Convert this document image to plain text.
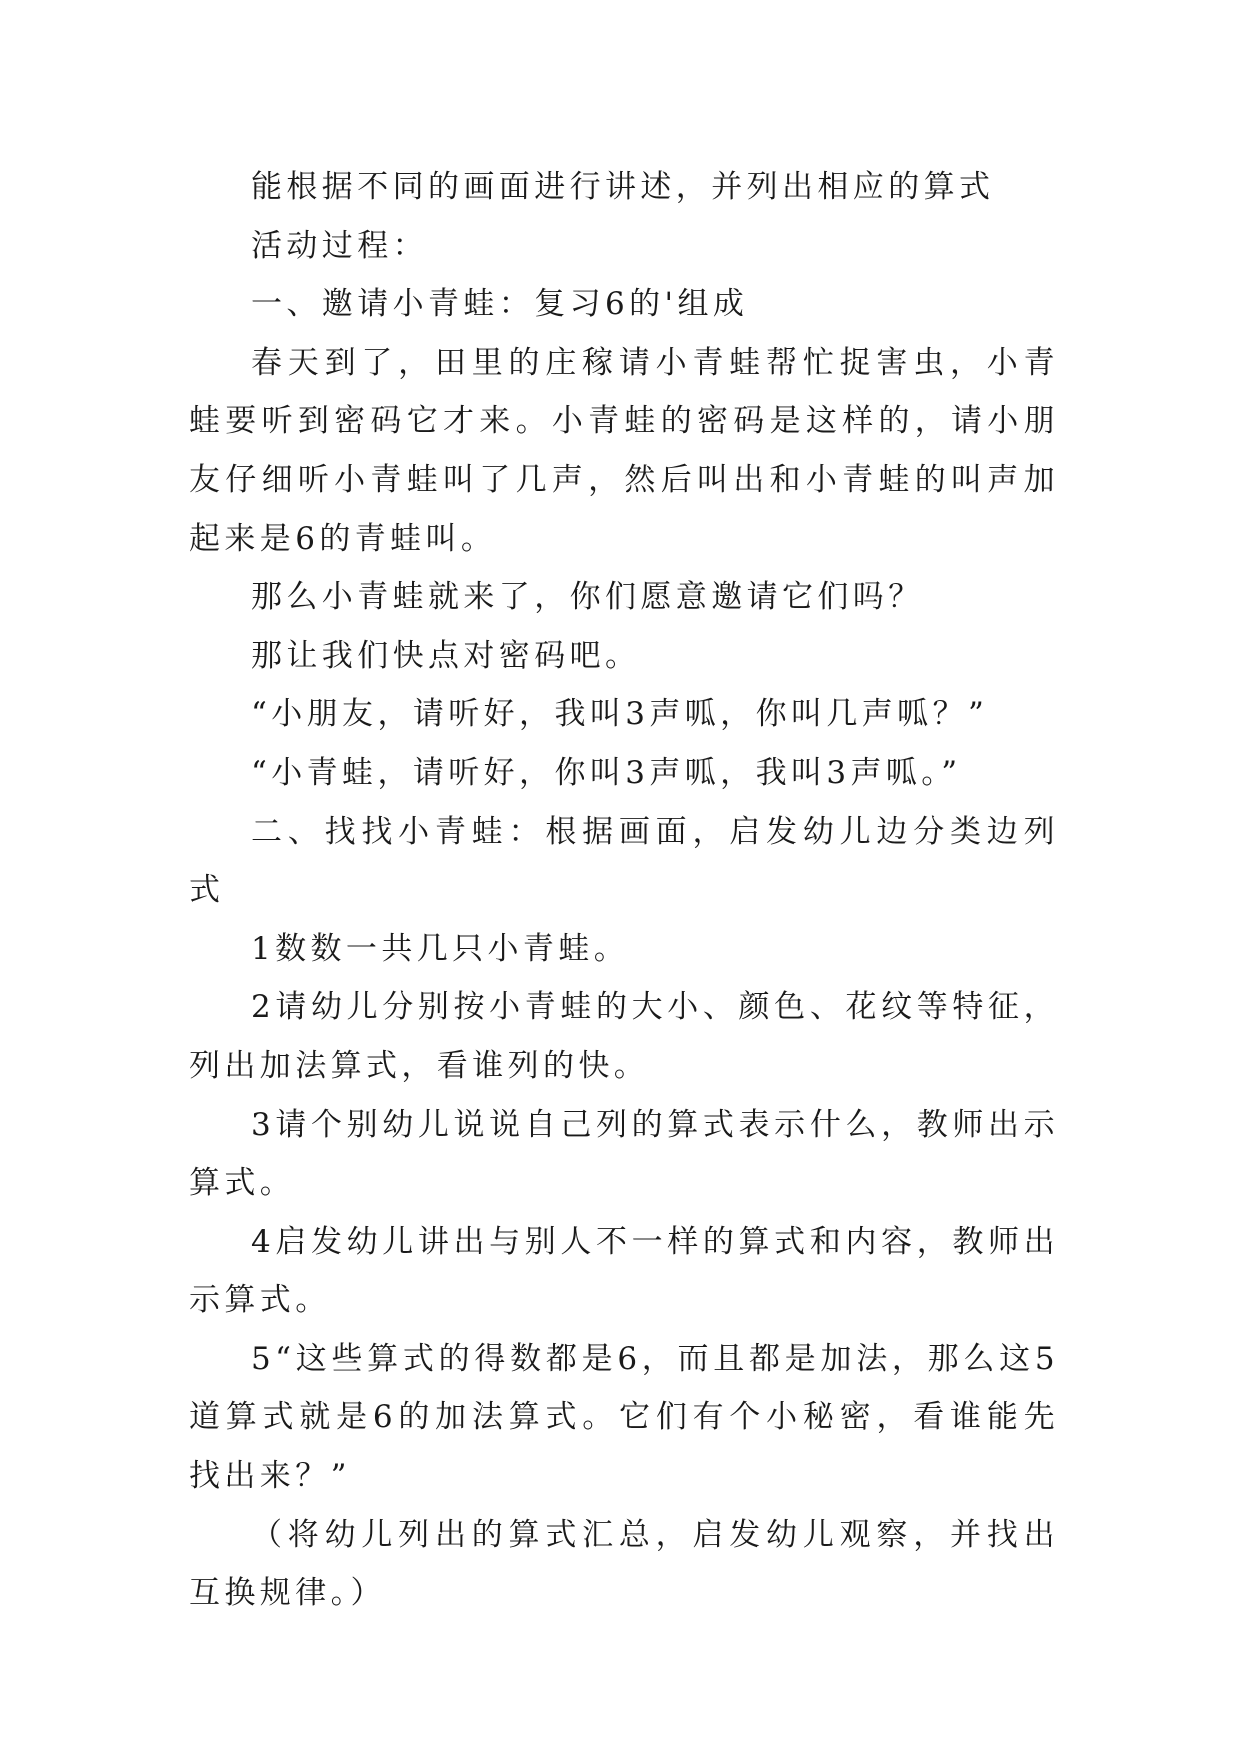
能根据不同的画面进行讲述，并列出相应的算式

活动过程：

一、邀请小青蛙：复习6的'组成

春天到了，田里的庄稼请小青蛙帮忙捉害虫，小青蛙要听到密码它才来。小青蛙的密码是这样的，请小朋友仔细听小青蛙叫了几声，然后叫出和小青蛙的叫声加起来是6的青蛙叫。

那么小青蛙就来了，你们愿意邀请它们吗？

那让我们快点对密码吧。

“小朋友，请听好，我叫3声呱，你叫几声呱？”

“小青蛙，请听好，你叫3声呱，我叫3声呱。”

二、找找小青蛙：根据画面，启发幼儿边分类边列式

1数数一共几只小青蛙。

2请幼儿分别按小青蛙的大小、颜色、花纹等特征，列出加法算式，看谁列的快。

3请个别幼儿说说自己列的算式表示什么，教师出示算式。

4启发幼儿讲出与别人不一样的算式和内容，教师出示算式。

5“这些算式的得数都是6，而且都是加法，那么这5道算式就是6的加法算式。它们有个小秘密，看谁能先找出来？”

（将幼儿列出的算式汇总，启发幼儿观察，并找出互换规律。）
